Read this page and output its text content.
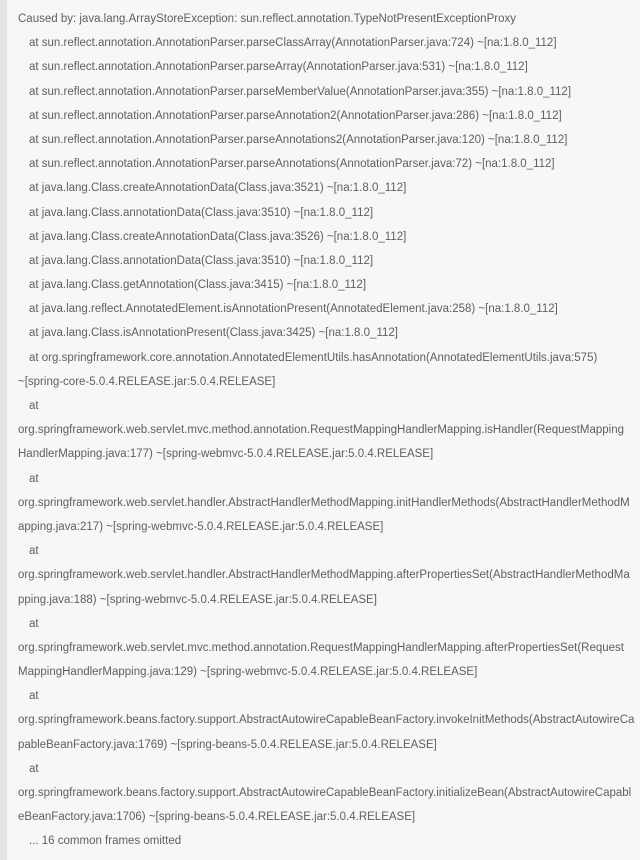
Caused by: java.lang.ArrayStoreException: sun.reflect.annotation.TypeNotPresentExceptionProxy
at sun.reflect.annotation.AnnotationParser.parseClassArray(AnnotationParser.java:724) ~[na:1.8.0_112]
at sun.reflect.annotation.AnnotationParser.parseArray(AnnotationParser.java:531) ~[na:1.8.0_112]
at sun.reflect.annotation.AnnotationParser.parseMemberValue(AnnotationParser.java:355) ~[na:1.8.0_112]
at sun.reflect.annotation.AnnotationParser.parseAnnotation2(AnnotationParser.java:286) ~[na:1.8.0_112]
at sun.reflect.annotation.AnnotationParser.parseAnnotations2(AnnotationParser.java:120) ~[na:1.8.0_112]
at sun.reflect.annotation.AnnotationParser.parseAnnotations(AnnotationParser.java:72) ~[na:1.8.0_112]
at java.lang.Class.createAnnotationData(Class.java:3521) ~[na:1.8.0_112]
at java.lang.Class.annotationData(Class.java:3510) ~[na:1.8.0_112]
at java.lang.Class.createAnnotationData(Class.java:3526) ~[na:1.8.0_112]
at java.lang.Class.annotationData(Class.java:3510) ~[na:1.8.0_112]
at java.lang.Class.getAnnotation(Class.java:3415) ~[na:1.8.0_112]
at java.lang.reflect.AnnotatedElement.isAnnotationPresent(AnnotatedElement.java:258) ~[na:1.8.0_112]
at java.lang.Class.isAnnotationPresent(Class.java:3425) ~[na:1.8.0_112]
at org.springframework.core.annotation.AnnotatedElementUtils.hasAnnotation(AnnotatedElementUtils.java:575)
~[spring-core-5.0.4.RELEASE.jar:5.0.4.RELEASE]
at
org.springframework.web.servlet.mvc.method.annotation.RequestMappingHandlerMapping.isHandler(RequestMapping
HandlerMapping.java:177) ~[spring-webmvc-5.0.4.RELEASE.jar:5.0.4.RELEASE]
at
org.springframework.web.servlet.handler.AbstractHandlerMethodMapping.initHandlerMethods(AbstractHandlerMethodM
apping.java:217) ~[spring-webmvc-5.0.4.RELEASE.jar:5.0.4.RELEASE]
at
org.springframework.web.servlet.handler.AbstractHandlerMethodMapping.afterPropertiesSet(AbstractHandlerMethodMa
pping.java:188) ~[spring-webmvc-5.0.4.RELEASE.jar:5.0.4.RELEASE]
at
org.springframework.web.servlet.mvc.method.annotation.RequestMappingHandlerMapping.afterPropertiesSet(Request
MappingHandlerMapping.java:129) ~[spring-webmvc-5.0.4.RELEASE.jar:5.0.4.RELEASE]
at
org.springframework.beans.factory.support.AbstractAutowireCapableBeanFactory.invokeInitMethods(AbstractAutowireCa
pableBeanFactory.java:1769) ~[spring-beans-5.0.4.RELEASE.jar:5.0.4.RELEASE]
at
org.springframework.beans.factory.support.AbstractAutowireCapableBeanFactory.initializeBean(AbstractAutowireCapabl
eBeanFactory.java:1706) ~[spring-beans-5.0.4.RELEASE.jar:5.0.4.RELEASE]
... 16 common frames omitted
